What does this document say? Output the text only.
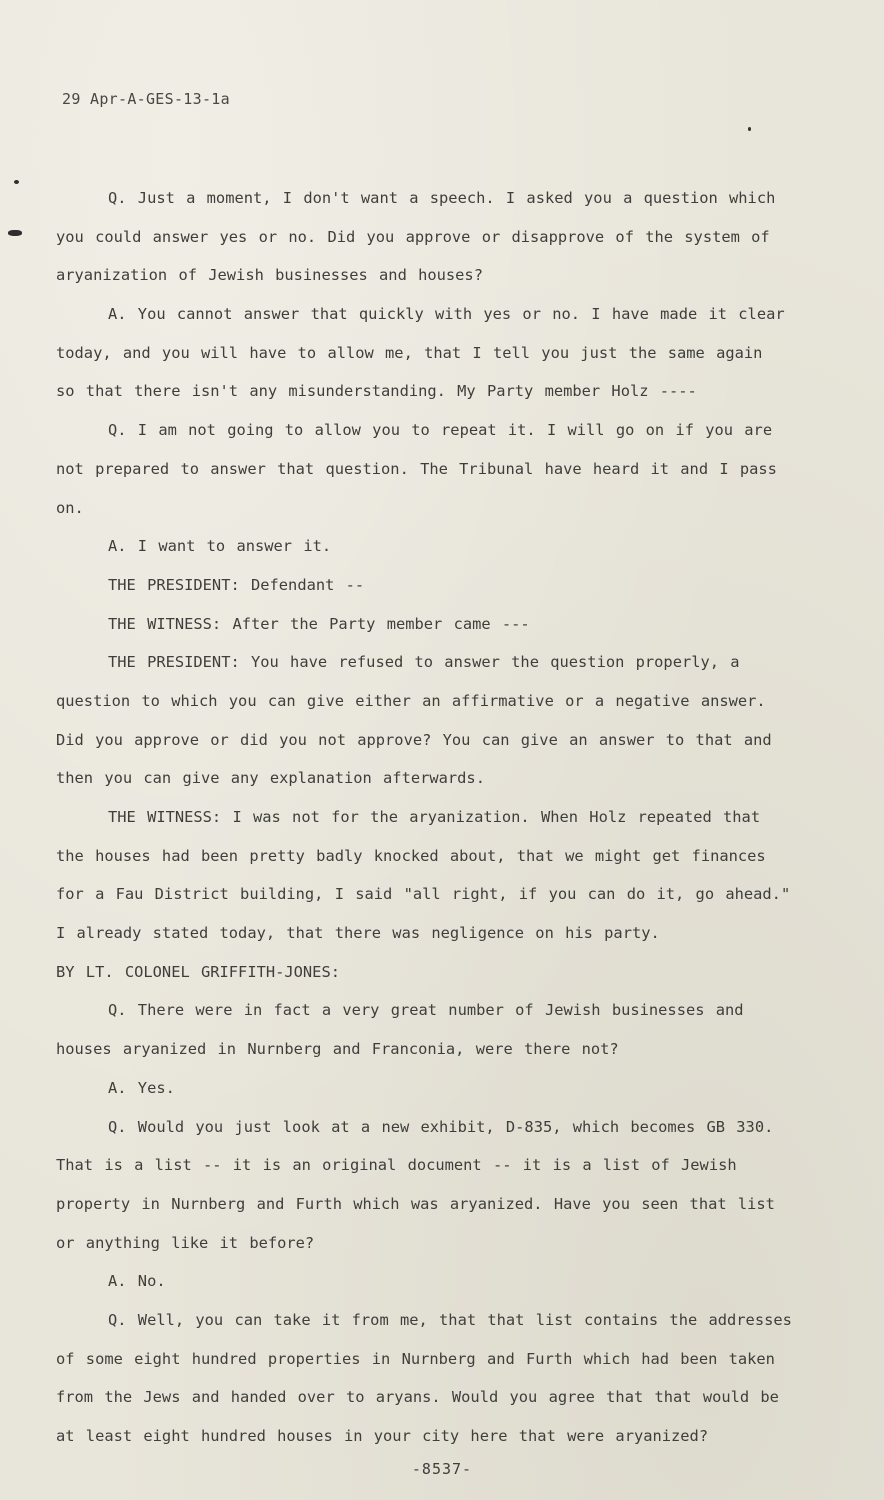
29 Apr-A-GES-13-1a
Q. Just a moment, I don't want a speech. I asked you a question which
you could answer yes or no. Did you approve or disapprove of the system of
aryanization of Jewish businesses and houses?
A. You cannot answer that quickly with yes or no. I have made it clear
today, and you will have to allow me, that I tell you just the same again
so that there isn't any misunderstanding. My Party member Holz ----
Q. I am not going to allow you to repeat it. I will go on if you are
not prepared to answer that question. The Tribunal have heard it and I pass
on.
A. I want to answer it.
THE PRESIDENT: Defendant --
THE WITNESS: After the Party member came ---
THE PRESIDENT: You have refused to answer the question properly, a
question to which you can give either an affirmative or a negative answer.
Did you approve or did you not approve? You can give an answer to that and
then you can give any explanation afterwards.
THE WITNESS: I was not for the aryanization. When Holz repeated that
the houses had been pretty badly knocked about, that we might get finances
for a Fau District building, I said "all right, if you can do it, go ahead."
I already stated today, that there was negligence on his party.
BY LT. COLONEL GRIFFITH-JONES:
Q. There were in fact a very great number of Jewish businesses and
houses aryanized in Nurnberg and Franconia, were there not?
A. Yes.
Q. Would you just look at a new exhibit, D-835, which becomes GB 330.
That is a list -- it is an original document -- it is a list of Jewish
property in Nurnberg and Furth which was aryanized. Have you seen that list
or anything like it before?
A. No.
Q. Well, you can take it from me, that that list contains the addresses
of some eight hundred properties in Nurnberg and Furth which had been taken
from the Jews and handed over to aryans. Would you agree that that would be
at least eight hundred houses in your city here that were aryanized?
-8537-
